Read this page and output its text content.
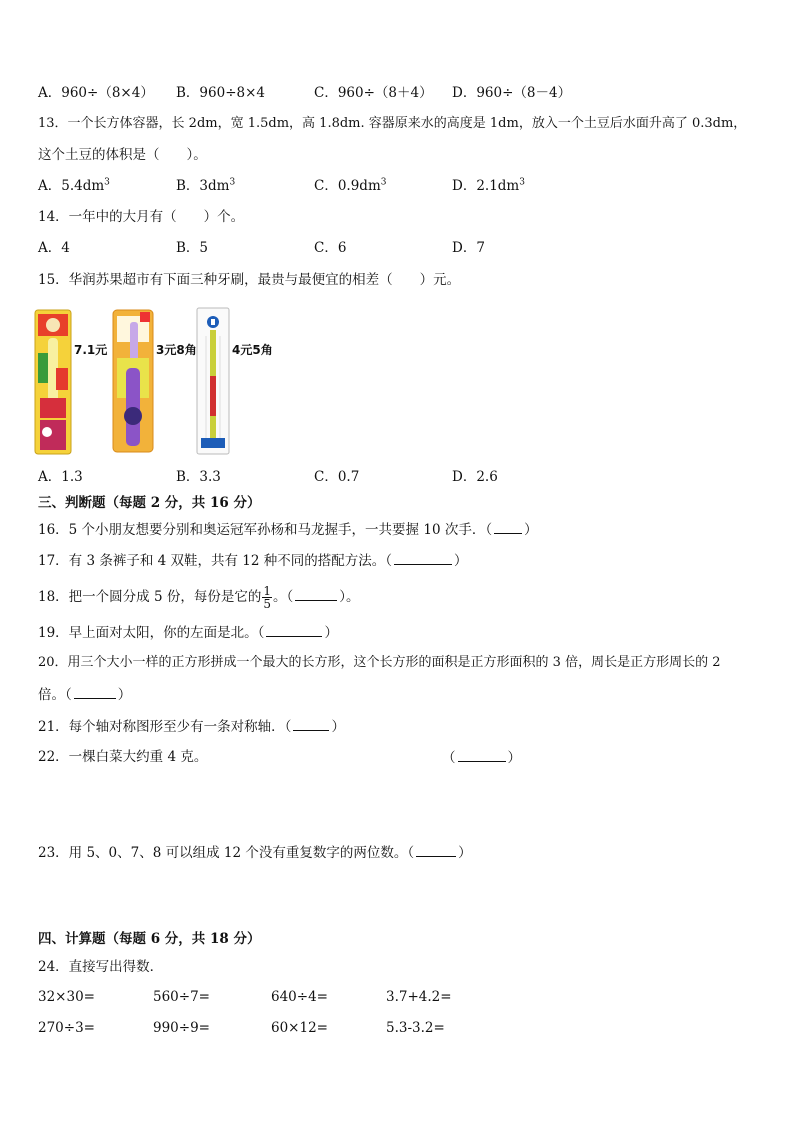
A．960÷（8×4） B．960÷8×4	C．960÷（8＋4） D．960÷（8－4）
13．一个长方体容器，长 2dm，宽 1.5dm，高 1.8dm. 容器原来水的高度是 1dm，放入一个土豆后水面升高了 0.3dm，
这个土豆的体积是（　　）。
A．$5.4dm^3$	B．$3dm^3$	C．$0.9dm^3$	D．$2.1dm^3$
14．一年中的大月有（　　）个。
A．4	B．5	C．6	D．7
15．华润苏果超市有下面三种牙刷，最贵与最便宜的相差（　　）元。
7.1元	3元8角	4元5角
A．1.3	B．3.3	C．0.7	D．2.6
三、判断题（每题 2 分，共 16 分）
16．5 个小朋友想要分别和奥运冠军孙杨和马龙握手，一共要握 10 次手．（ ）
17．有 3 条裤子和 4 双鞋，共有 12 种不同的搭配方法。（	）
18．把一个圆分成 5 份，每份是它的 $\frac{1}{5}$ 。（	）。
19．早上面对太阳，你的左面是北。（	）
20．用三个大小一样的正方形拼成一个最大的长方形，这个长方形的面积是正方形面积的 3 倍，周长是正方形周长的 2
倍。（	）
21．每个轴对称图形至少有一条对称轴．（	）
22．一棵白菜大约重 4 克。	（	）
23．用 5、0、7、8 可以组成 12 个没有重复数字的两位数。（	）
四、计算题（每题 6 分，共 18 分）
24．直接写出得数．
32×30=	560÷7=	640÷4=	3.7+4.2=
270÷3=	990÷9=	60×12=	5.3-3.2=
